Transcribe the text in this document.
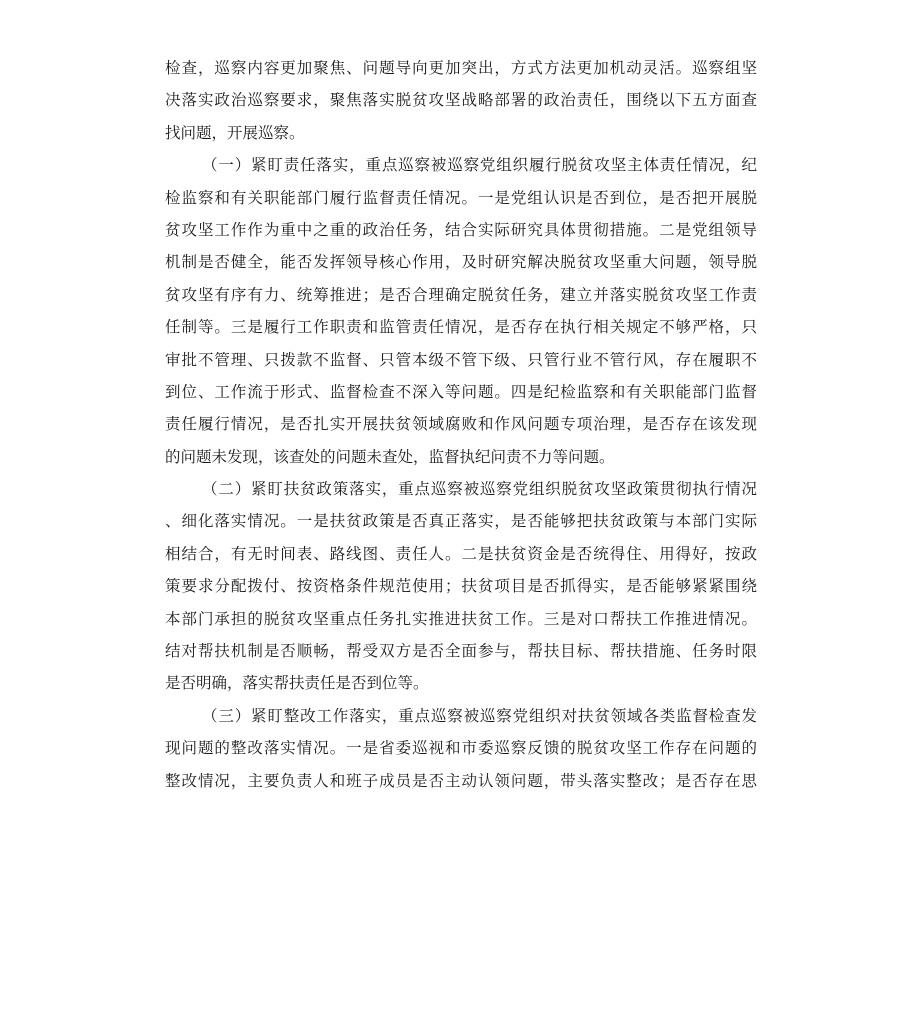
检查，巡察内容更加聚焦、问题导向更加突出，方式方法更加机动灵活。巡察组坚
决落实政治巡察要求，聚焦落实脱贫攻坚战略部署的政治责任，围绕以下五方面查
找问题，开展巡察。
（一）紧盯责任落实，重点巡察被巡察党组织履行脱贫攻坚主体责任情况，纪
检监察和有关职能部门履行监督责任情况。一是党组认识是否到位，是否把开展脱
贫攻坚工作作为重中之重的政治任务，结合实际研究具体贯彻措施。二是党组领导
机制是否健全，能否发挥领导核心作用，及时研究解决脱贫攻坚重大问题，领导脱
贫攻坚有序有力、统筹推进；是否合理确定脱贫任务，建立并落实脱贫攻坚工作责
任制等。三是履行工作职责和监管责任情况，是否存在执行相关规定不够严格，只
审批不管理、只拨款不监督、只管本级不管下级、只管行业不管行风，存在履职不
到位、工作流于形式、监督检查不深入等问题。四是纪检监察和有关职能部门监督
责任履行情况，是否扎实开展扶贫领域腐败和作风问题专项治理，是否存在该发现
的问题未发现，该查处的问题未查处，监督执纪问责不力等问题。
（二）紧盯扶贫政策落实，重点巡察被巡察党组织脱贫攻坚政策贯彻执行情况
、细化落实情况。一是扶贫政策是否真正落实，是否能够把扶贫政策与本部门实际
相结合，有无时间表、路线图、责任人。二是扶贫资金是否统得住、用得好，按政
策要求分配拨付、按资格条件规范使用；扶贫项目是否抓得实，是否能够紧紧围绕
本部门承担的脱贫攻坚重点任务扎实推进扶贫工作。三是对口帮扶工作推进情况。
结对帮扶机制是否顺畅，帮受双方是否全面参与，帮扶目标、帮扶措施、任务时限
是否明确，落实帮扶责任是否到位等。
（三）紧盯整改工作落实，重点巡察被巡察党组织对扶贫领域各类监督检查发
现问题的整改落实情况。一是省委巡视和市委巡察反馈的脱贫攻坚工作存在问题的
整改情况，主要负责人和班子成员是否主动认领问题，带头落实整改；是否存在思
